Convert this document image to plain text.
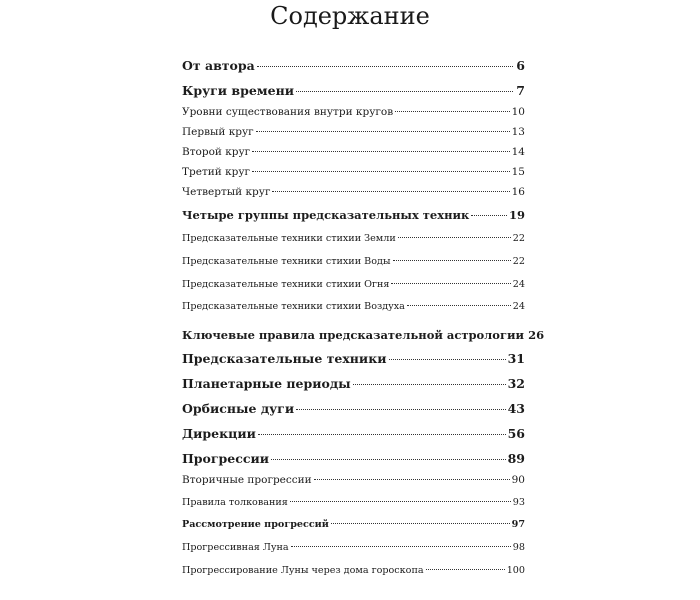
Содержание
От автора	6
Круги времени	7
Уровни существования внутри кругов	10
Первый круг	13
Второй круг	14
Третий круг	15
Четвертый круг	16
Четыре группы предсказательных техник	19
Предсказательные техники стихии Земли	22
Предсказательные техники стихии Воды	22
Предсказательные техники стихии Огня	24
Предсказательные техники стихии Воздуха	24
Ключевые правила предсказательной астрологии 26
Предсказательные техники	31
Планетарные периоды	32
Орбисные дуги	43
Дирекции	56
Прогрессии	89
Вторичные прогрессии	90
Правила толкования	93
Рассмотрение прогрессий	97
Прогрессивная Луна	98
Прогрессирование Луны через дома гороскопа	100
